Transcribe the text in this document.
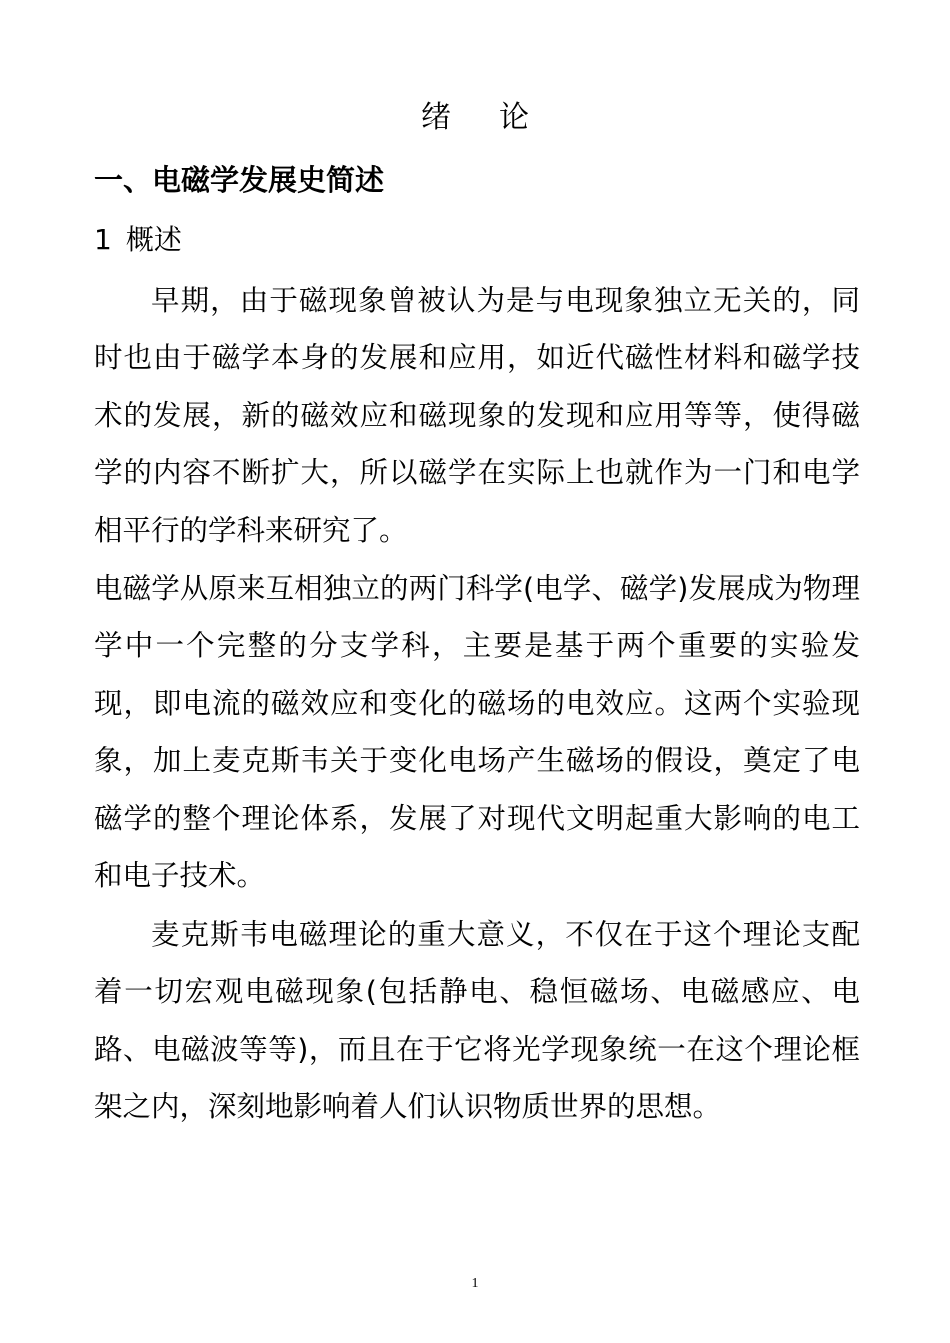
绪论
一、电磁学发展史简述
1 概述

早期，由于磁现象曾被认为是与电现象独立无关的，同时也由于磁学本身的发展和应用，如近代磁性材料和磁学技术的发展，新的磁效应和磁现象的发现和应用等等，使得磁学的内容不断扩大，所以磁学在实际上也就作为一门和电学相平行的学科来研究了。

电磁学从原来互相独立的两门科学(电学、磁学)发展成为物理学中一个完整的分支学科，主要是基于两个重要的实验发现，即电流的磁效应和变化的磁场的电效应。这两个实验现象，加上麦克斯韦关于变化电场产生磁场的假设，奠定了电磁学的整个理论体系，发展了对现代文明起重大影响的电工和电子技术。

麦克斯韦电磁理论的重大意义，不仅在于这个理论支配着一切宏观电磁现象(包括静电、稳恒磁场、电磁感应、电路、电磁波等等)，而且在于它将光学现象统一在这个理论框架之内，深刻地影响着人们认识物质世界的思想。

1
